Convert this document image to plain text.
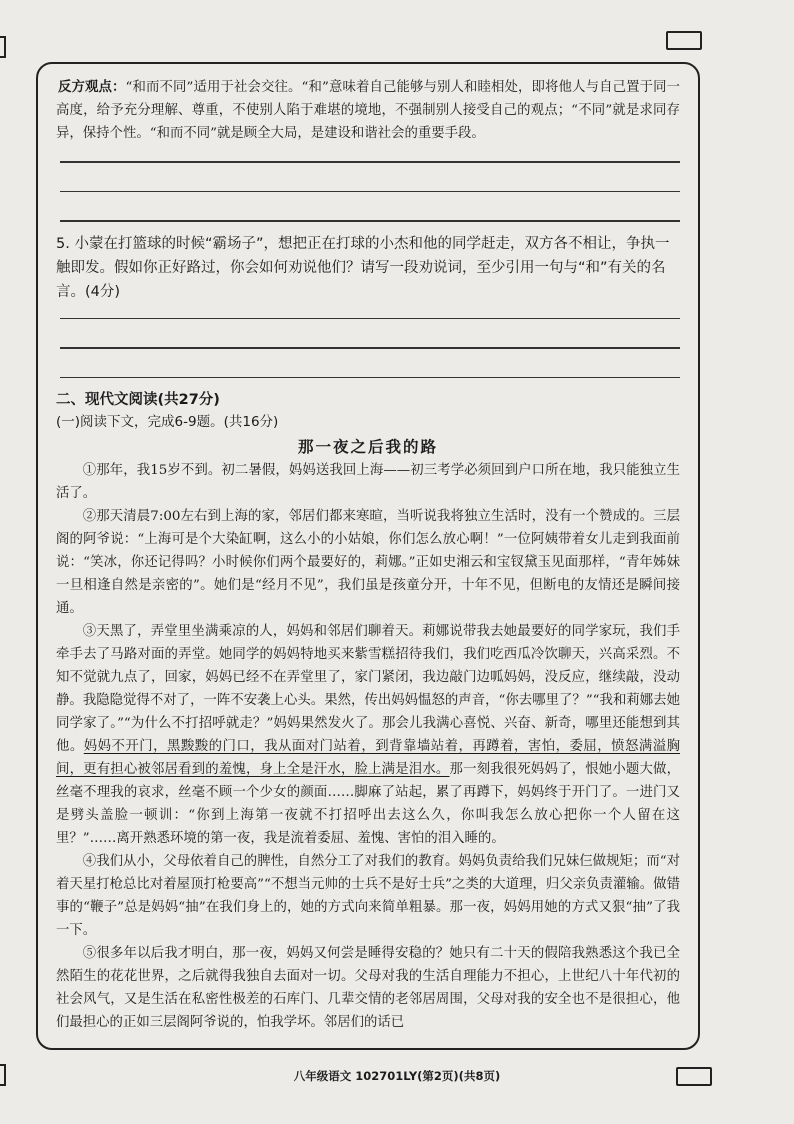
反方观点：“和而不同”适用于社会交往。“和”意味着自己能够与别人和睦相处，即将他人与自己置于同一高度，给予充分理解、尊重，不使别人陷于难堪的境地，不强制别人接受自己的观点；“不同”就是求同存异，保持个性。“和而不同”就是顾全大局，是建设和谐社会的重要手段。

5. 小蒙在打篮球的时候“霸场子”，想把正在打球的小杰和他的同学赶走，双方各不相让，争执一触即发。假如你正好路过，你会如何劝说他们？请写一段劝说词，至少引用一句与“和”有关的名言。(4分)

二、现代文阅读(共27分)

(一)阅读下文，完成6-9题。(共16分)

那一夜之后我的路

①那年，我15岁不到。初二暑假，妈妈送我回上海——初三考学必须回到户口所在地，我只能独立生活了。

②那天清晨7:00左右到上海的家，邻居们都来寒暄，当听说我将独立生活时，没有一个赞成的。三层阁的阿爷说：“上海可是个大染缸啊，这么小的小姑娘，你们怎么放心啊！”一位阿姨带着女儿走到我面前说：“笑冰，你还记得吗？小时候你们两个最要好的，莉娜。”正如史湘云和宝钗黛玉见面那样，“青年姊妹一旦相逢自然是亲密的”。她们是“经月不见”，我们虽是孩童分开，十年不见，但断电的友情还是瞬间接通。

③天黑了，弄堂里坐满乘凉的人，妈妈和邻居们聊着天。莉娜说带我去她最要好的同学家玩，我们手牵手去了马路对面的弄堂。她同学的妈妈特地买来紫雪糕招待我们，我们吃西瓜冷饮聊天，兴高采烈。不知不觉就九点了，回家，妈妈已经不在弄堂里了，家门紧闭，我边敲门边呱妈妈，没反应，继续敲，没动静。我隐隐觉得不对了，一阵不安袭上心头。果然，传出妈妈愠怒的声音，“你去哪里了？”“我和莉娜去她同学家了。”“为什么不打招呼就走？”妈妈果然发火了。那会儿我满心喜悦、兴奋、新奇，哪里还能想到其他。妈妈不开门，黑黢黢的门口，我从面对门站着，到背靠墙站着，再蹲着，害怕，委屈，愤怒满溢胸间，更有担心被邻居看到的羞愧，身上全是汗水，脸上满是泪水。那一刻我很死妈妈了，恨她小题大做，丝毫不理我的哀求，丝毫不顾一个少女的颜面……脚麻了站起，累了再蹲下，妈妈终于开门了。一进门又是劈头盖脸一顿训：“你到上海第一夜就不打招呼出去这么久，你叫我怎么放心把你一个人留在这里？”……离开熟悉环境的第一夜，我是流着委屈、羞愧、害怕的泪入睡的。

④我们从小，父母依着自己的脾性，自然分工了对我们的教育。妈妈负责给我们兄妹仨做规矩；而“对着天星打枪总比对着屋顶打枪要高”“不想当元帅的士兵不是好士兵”之类的大道理，归父亲负责灌输。做错事的“鞭子”总是妈妈“抽”在我们身上的，她的方式向来简单粗暴。那一夜，妈妈用她的方式又狠“抽”了我一下。

⑤很多年以后我才明白，那一夜，妈妈又何尝是睡得安稳的？她只有二十天的假陪我熟悉这个我已全然陌生的花花世界，之后就得我独自去面对一切。父母对我的生活自理能力不担心，上世纪八十年代初的社会风气，又是生活在私密性极差的石库门、几辈交情的老邻居周围，父母对我的安全也不是很担心，他们最担心的正如三层阁阿爷说的，怕我学坏。邻居们的话已

八年级语文 102701LY(第2页)(共8页)
